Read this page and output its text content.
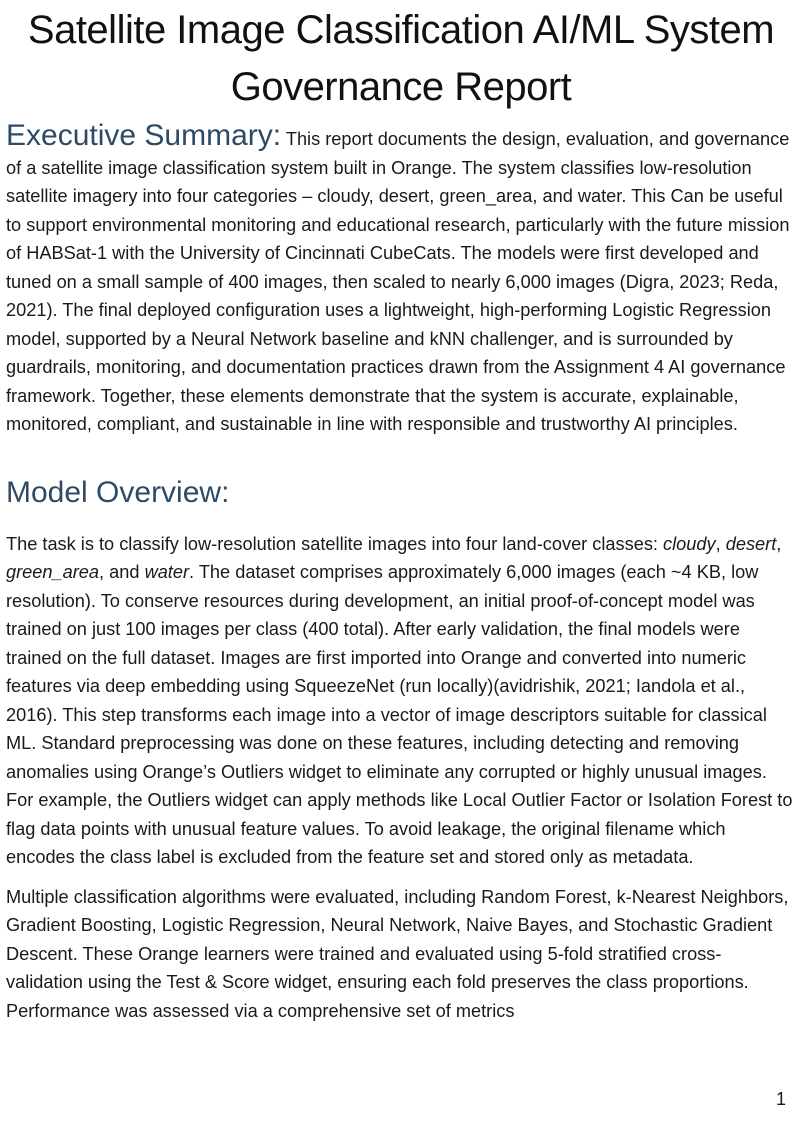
Satellite Image Classification AI/ML System Governance Report

Executive Summary: This report documents the design, evaluation, and governance of a satellite image classification system built in Orange. The system classifies low-resolution satellite imagery into four categories – cloudy, desert, green_area, and water. This Can be useful to support environmental monitoring and educational research, particularly with the future mission of HABSat-1 with the University of Cincinnati CubeCats. The models were first developed and tuned on a small sample of 400 images, then scaled to nearly 6,000 images (Digra, 2023; Reda, 2021). The final deployed configuration uses a lightweight, high-performing Logistic Regression model, supported by a Neural Network baseline and kNN challenger, and is surrounded by guardrails, monitoring, and documentation practices drawn from the Assignment 4 AI governance framework. Together, these elements demonstrate that the system is accurate, explainable, monitored, compliant, and sustainable in line with responsible and trustworthy AI principles.

Model Overview:

The task is to classify low-resolution satellite images into four land-cover classes: cloudy, desert, green_area, and water. The dataset comprises approximately 6,000 images (each ~4 KB, low resolution). To conserve resources during development, an initial proof-of-concept model was trained on just 100 images per class (400 total). After early validation, the final models were trained on the full dataset. Images are first imported into Orange and converted into numeric features via deep embedding using SqueezeNet (run locally)(avidrishik, 2021; Iandola et al., 2016). This step transforms each image into a vector of image descriptors suitable for classical ML. Standard preprocessing was done on these features, including detecting and removing anomalies using Orange’s Outliers widget to eliminate any corrupted or highly unusual images. For example, the Outliers widget can apply methods like Local Outlier Factor or Isolation Forest to flag data points with unusual feature values. To avoid leakage, the original filename which encodes the class label is excluded from the feature set and stored only as metadata.

Multiple classification algorithms were evaluated, including Random Forest, k-Nearest Neighbors, Gradient Boosting, Logistic Regression, Neural Network, Naive Bayes, and Stochastic Gradient Descent. These Orange learners were trained and evaluated using 5-fold stratified cross-validation using the Test & Score widget, ensuring each fold preserves the class proportions. Performance was assessed via a comprehensive set of metrics

1
